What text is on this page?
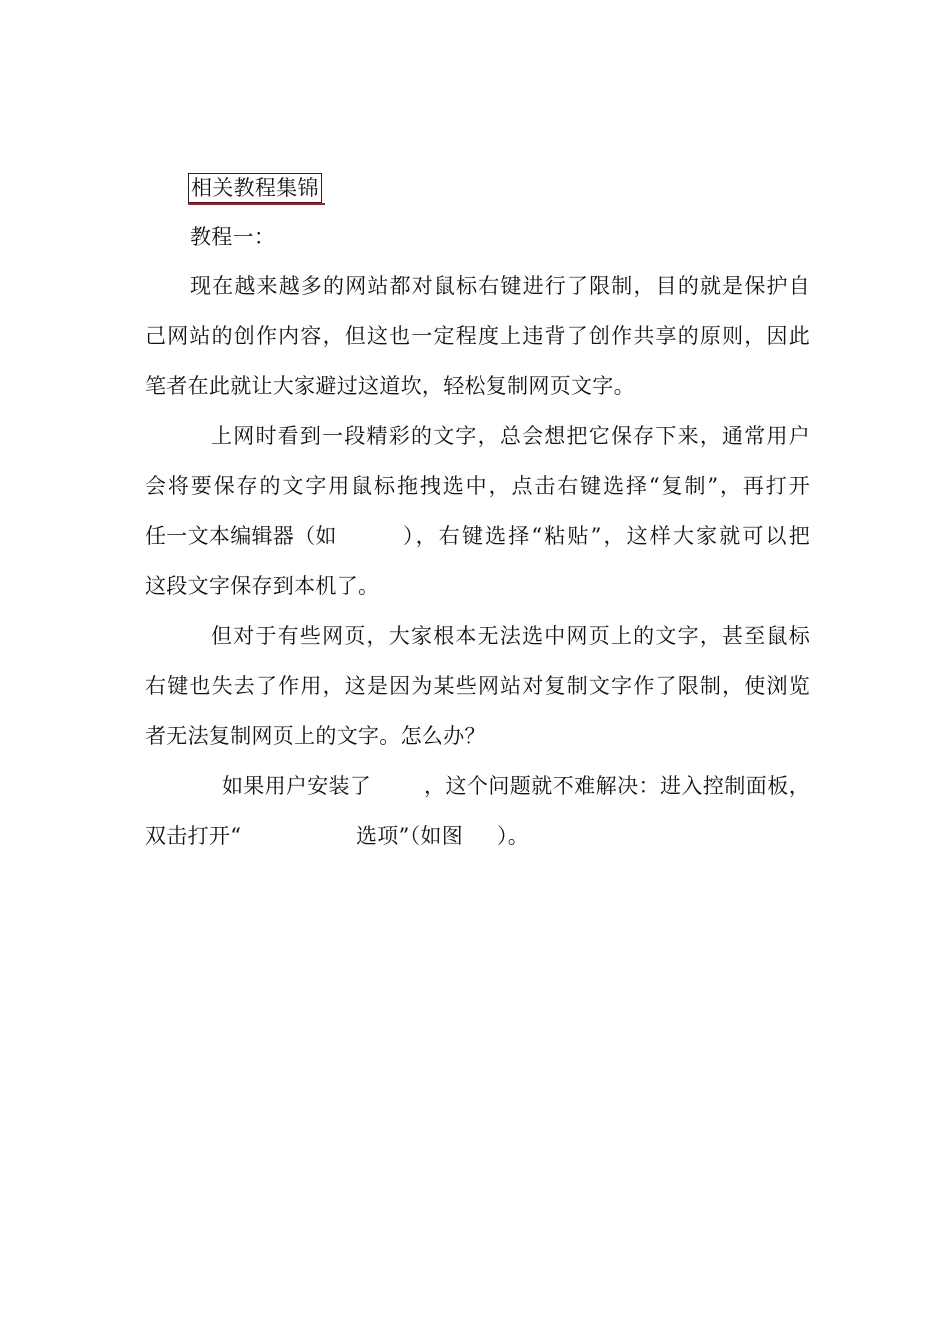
相关教程集锦
教程一：
现在越来越多的网站都对鼠标右键进行了限制，目的就是保护自
己网站的创作内容，但这也一定程度上违背了创作共享的原则，因此
笔者在此就让大家避过这道坎，轻松复制网页文字。
上网时看到一段精彩的文字，总会想把它保存下来，通常用户
会将要保存的文字用鼠标拖拽选中，点击右键选择“复制”，再打开
任一文本编辑器（如	），右键选择“粘贴”，这样大家就可以把
这段文字保存到本机了。
但对于有些网页，大家根本无法选中网页上的文字，甚至鼠标
右键也失去了作用，这是因为某些网站对复制文字作了限制，使浏览
者无法复制网页上的文字。怎么办？
如果用户安装了	，这个问题就不难解决：进入控制面板，
双击打开“	选项”（如图 ）。
